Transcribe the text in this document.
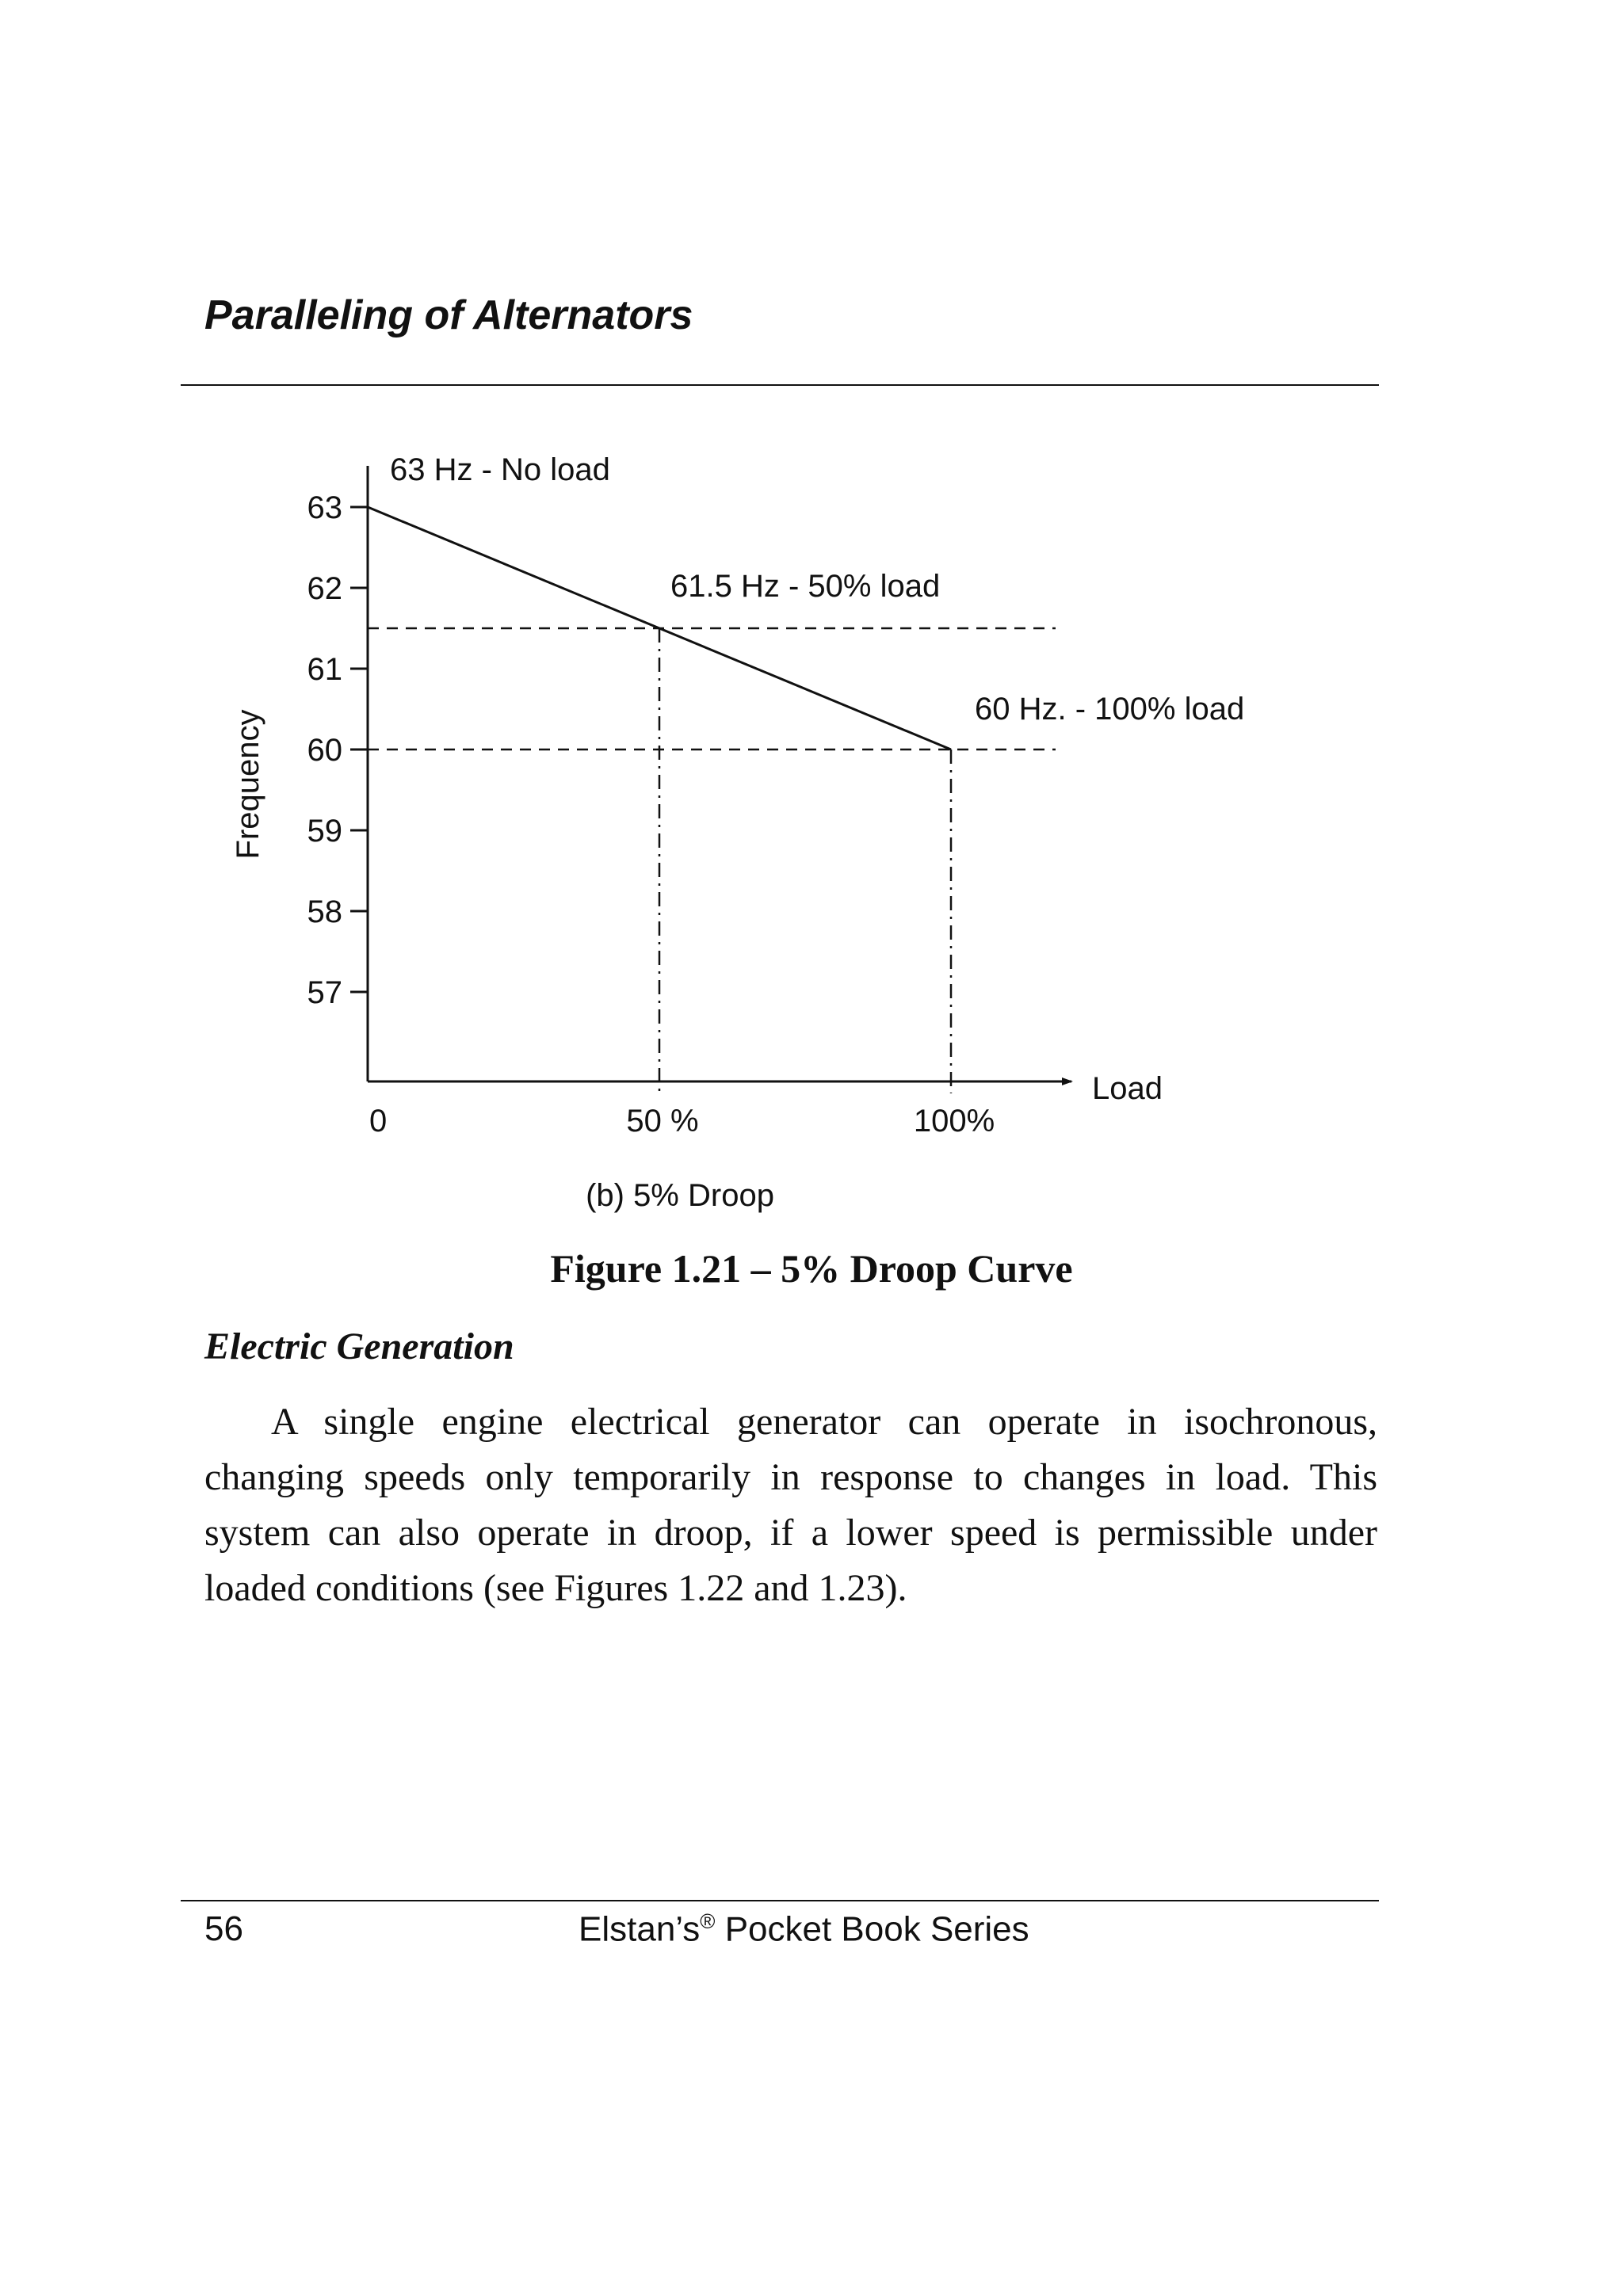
Paralleling of Alternators
63
62
61
60
59
58
57
0	50 %	100%
63 Hz - No load
61.5 Hz - 50% load
60 Hz. - 100% load
Frequency
Load
(b) 5% Droop
Figure 1.21 – 5% Droop Curve
Electric Generation

A single engine electrical generator can operate in isochronous, changing speeds only temporarily in response to changes in load. This system can also operate in droop, if a lower speed is permissible under loaded conditions (see Figures 1.22 and 1.23).

56	Elstan’s® Pocket Book Series
